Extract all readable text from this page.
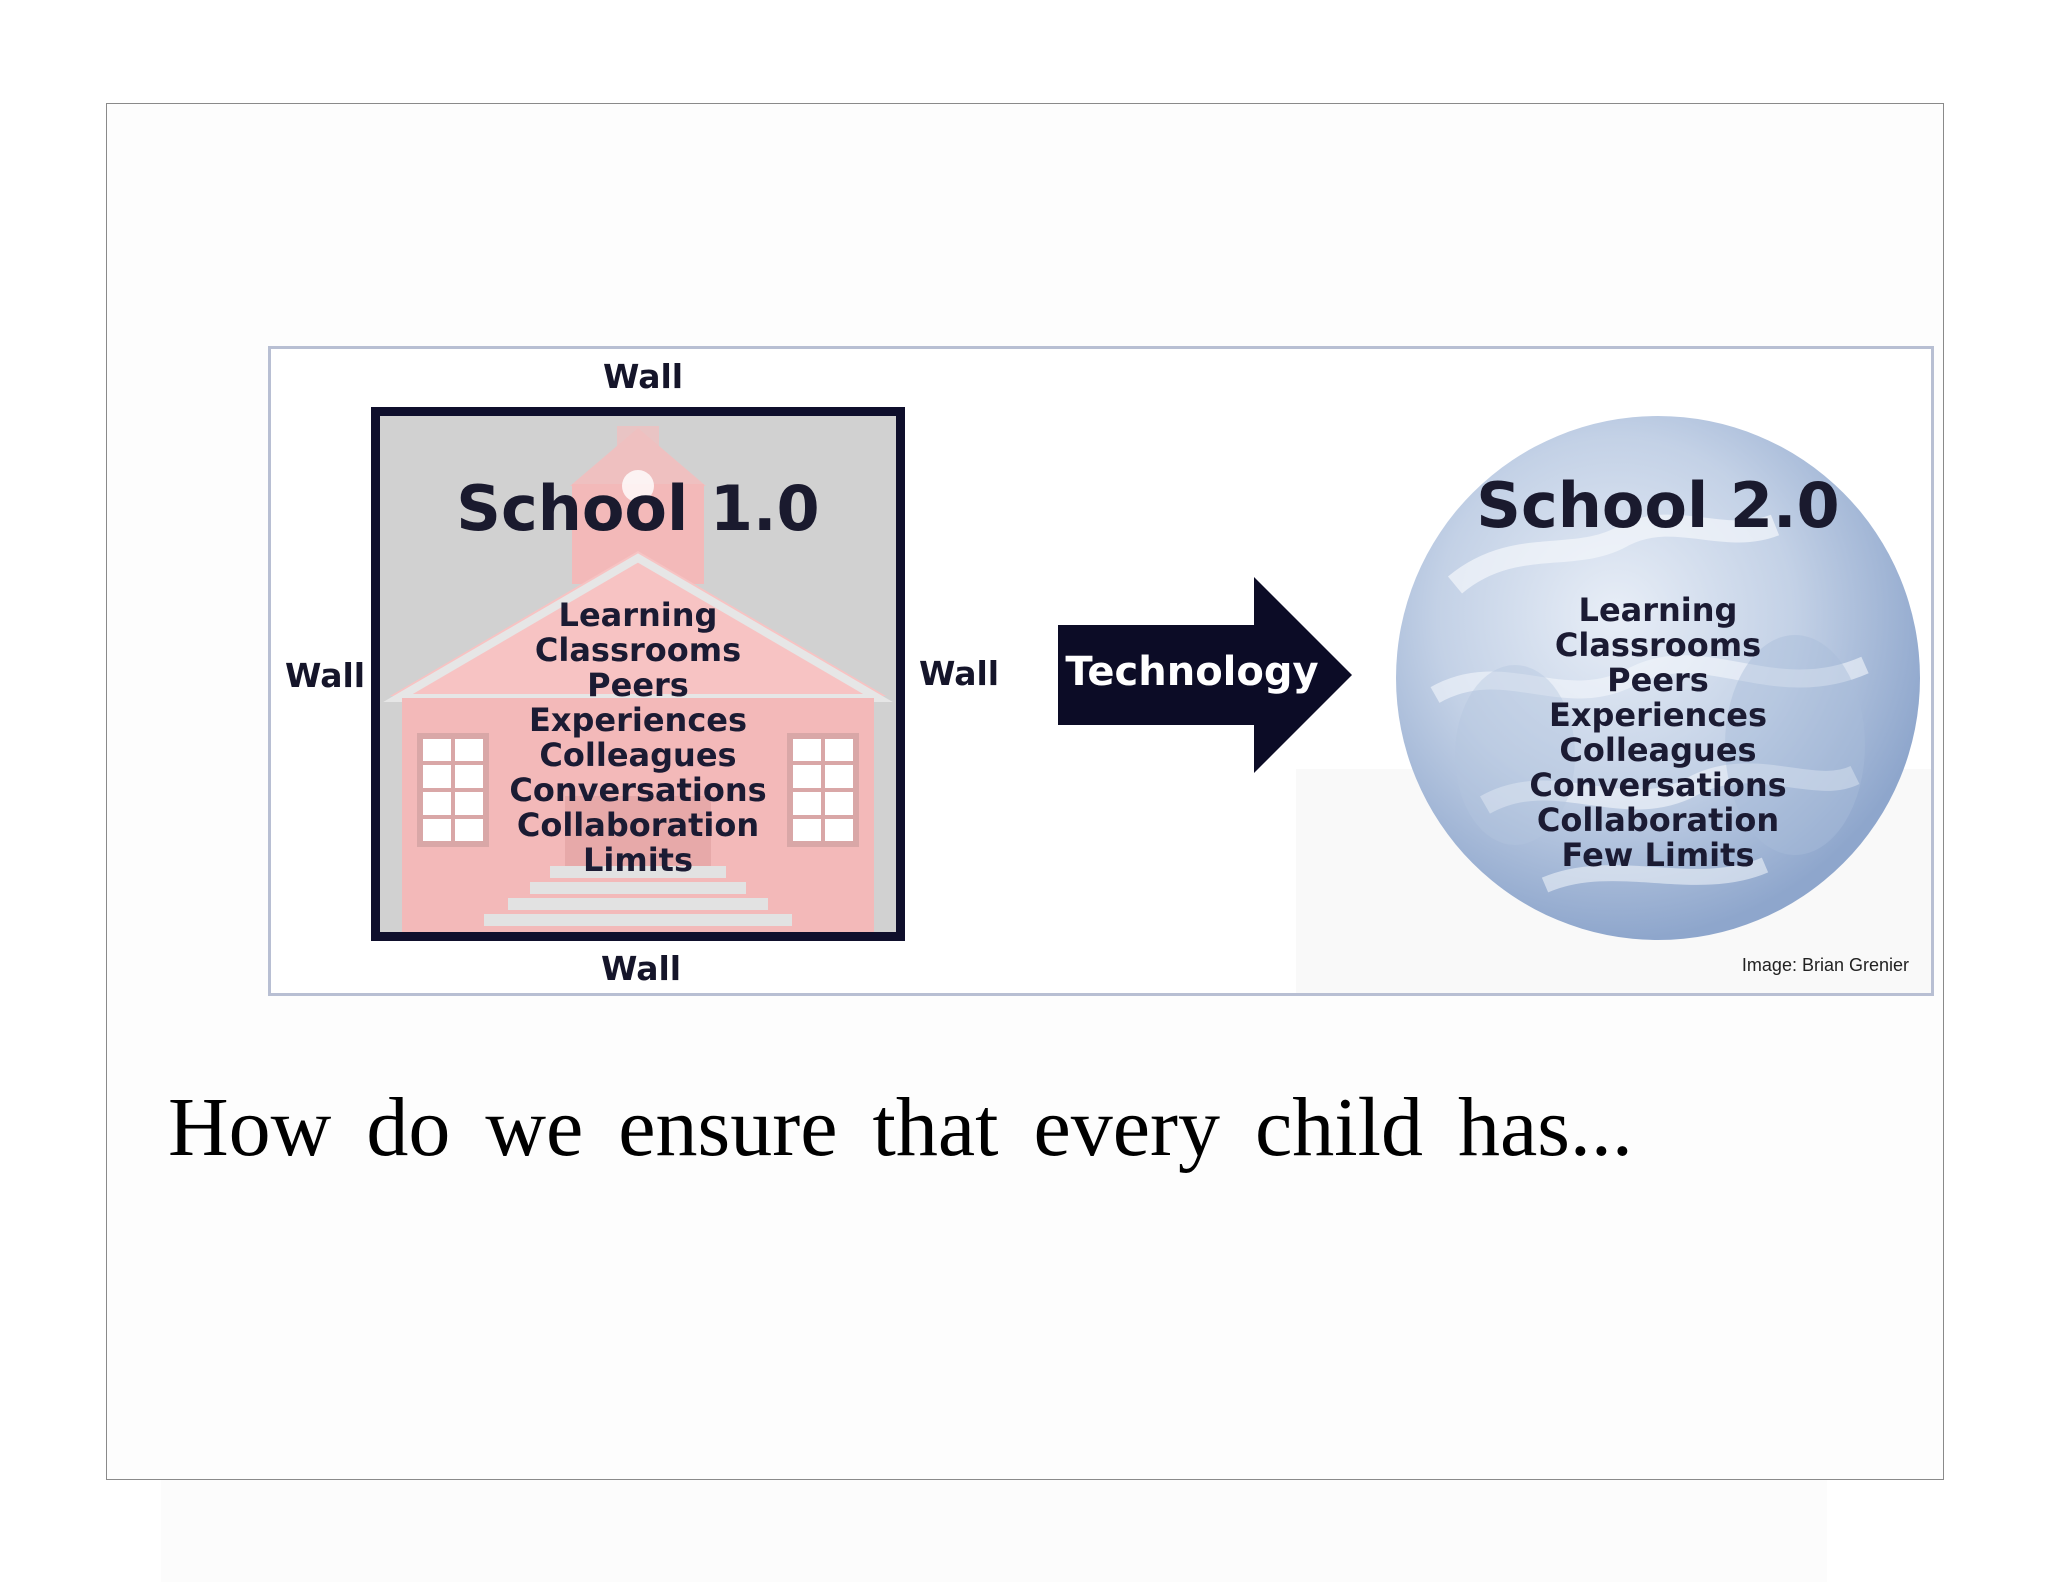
Wall
Wall	Wall
Wall
School 1.0
Learning
Classrooms
Peers
Experiences
Colleagues
Conversations
Collaboration
Limits
Technology
School 2.0
Learning
Classrooms
Peers
Experiences
Colleagues
Conversations
Collaboration
Few Limits
Image: Brian Grenier
How do we ensure that every child has...
